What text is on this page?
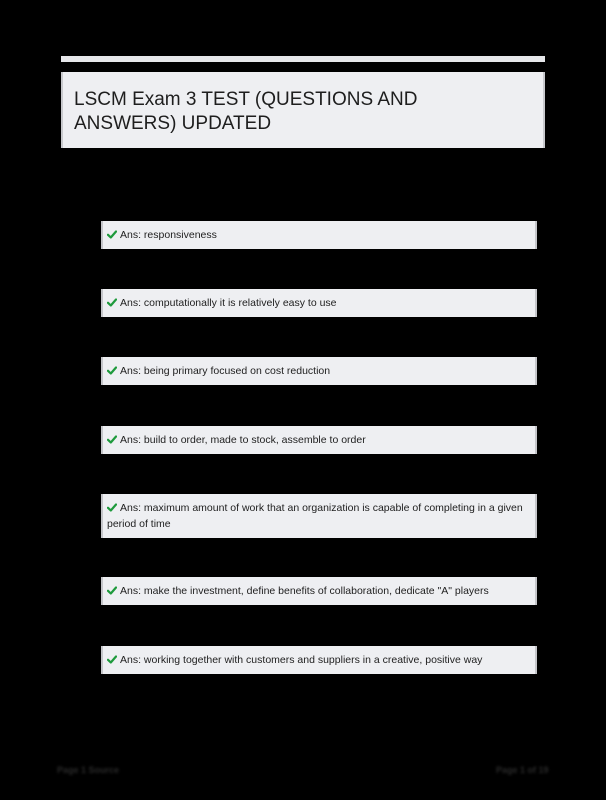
LSCM Exam 3 TEST (QUESTIONS AND ANSWERS) UPDATED
Ans: responsiveness
Ans: computationally it is relatively easy to use
Ans: being primary focused on cost reduction
Ans: build to order, made to stock, assemble to order
Ans: maximum amount of work that an organization is capable of completing in a given period of time
Ans: make the investment, define benefits of collaboration, dedicate "A" players
Ans: working together with customers and suppliers in a creative, positive way
Page 1 Source	Page 1 of 19
